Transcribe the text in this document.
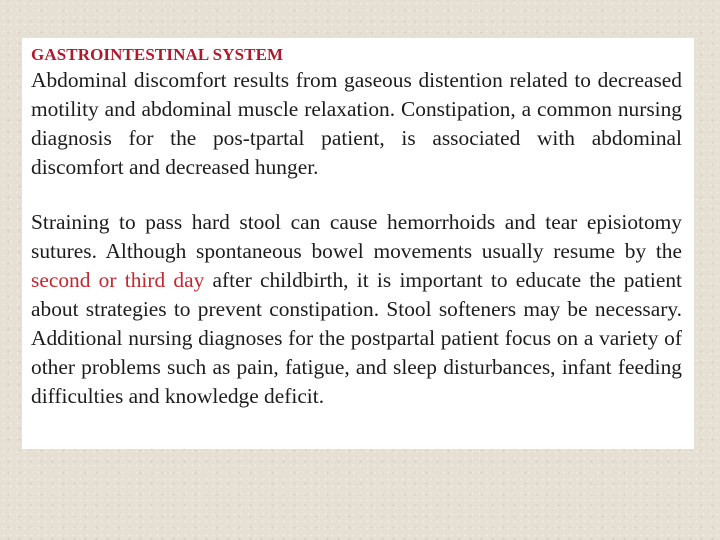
GASTROINTESTINAL SYSTEM

Abdominal discomfort results from gaseous distention related to decreased motility and abdominal muscle relaxation. Constipation, a common nursing diagnosis for the pos-tpartal patient, is associated with abdominal discomfort and decreased hunger.

Straining to pass hard stool can cause hemorrhoids and tear episiotomy sutures. Although spontaneous bowel movements usually resume by the second or third day after childbirth, it is important to educate the patient about strategies to prevent constipation. Stool softeners may be necessary. Additional nursing diagnoses for the postpartal patient focus on a variety of other problems such as pain, fatigue, and sleep disturbances, infant feeding difficulties and knowledge deficit.
